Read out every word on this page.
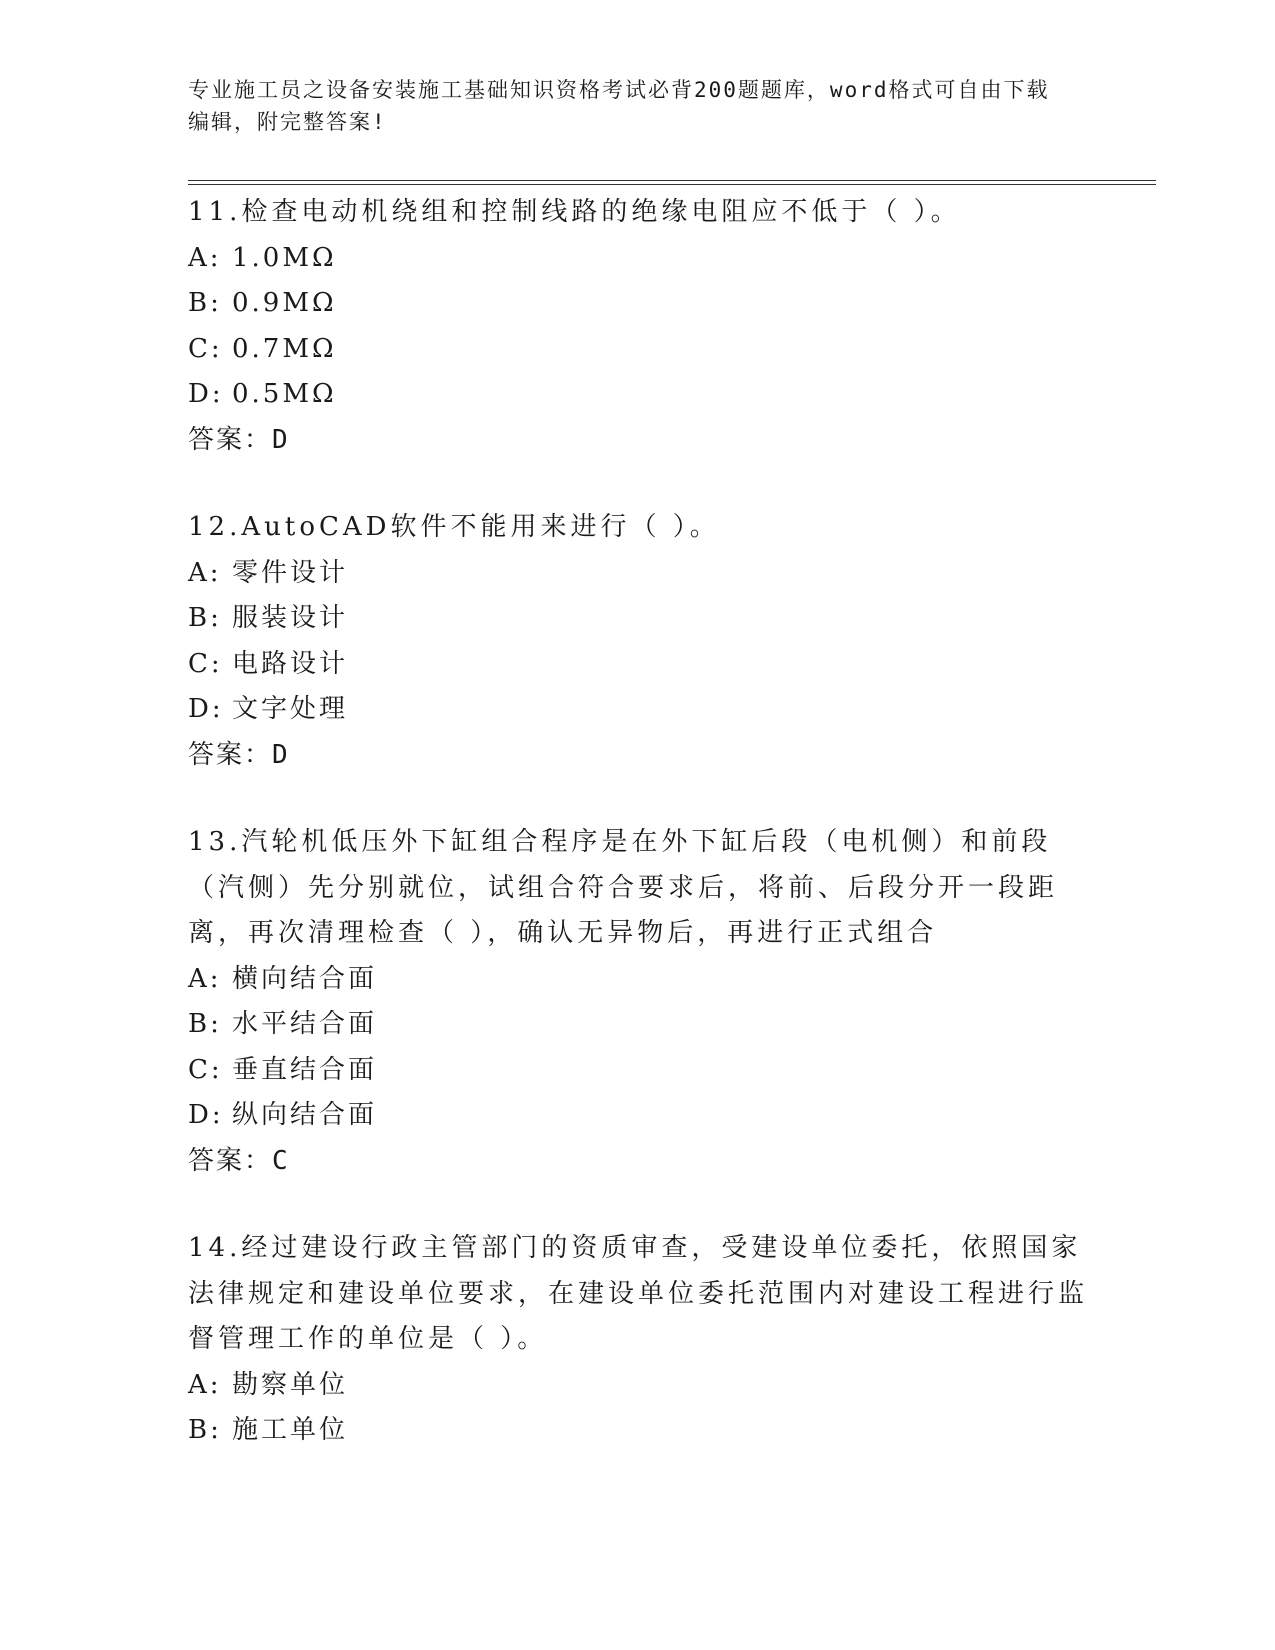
专业施工员之设备安装施工基础知识资格考试必背200题题库，word格式可自由下载编辑，附完整答案!

11.检查电动机绕组和控制线路的绝缘电阻应不低于（ ）。

A: 1.0MΩ

B: 0.9MΩ

C: 0.7MΩ

D: 0.5MΩ

答案：D

12.AutoCAD软件不能用来进行（ ）。

A: 零件设计

B: 服装设计

C: 电路设计

D: 文字处理

答案：D

13.汽轮机低压外下缸组合程序是在外下缸后段（电机侧）和前段（汽侧）先分别就位，试组合符合要求后，将前、后段分开一段距离，再次清理检查（ ），确认无异物后，再进行正式组合

A: 横向结合面

B: 水平结合面

C: 垂直结合面

D: 纵向结合面

答案：C

14.经过建设行政主管部门的资质审查，受建设单位委托，依照国家法律规定和建设单位要求，在建设单位委托范围内对建设工程进行监督管理工作的单位是（ ）。

A: 勘察单位

B: 施工单位
